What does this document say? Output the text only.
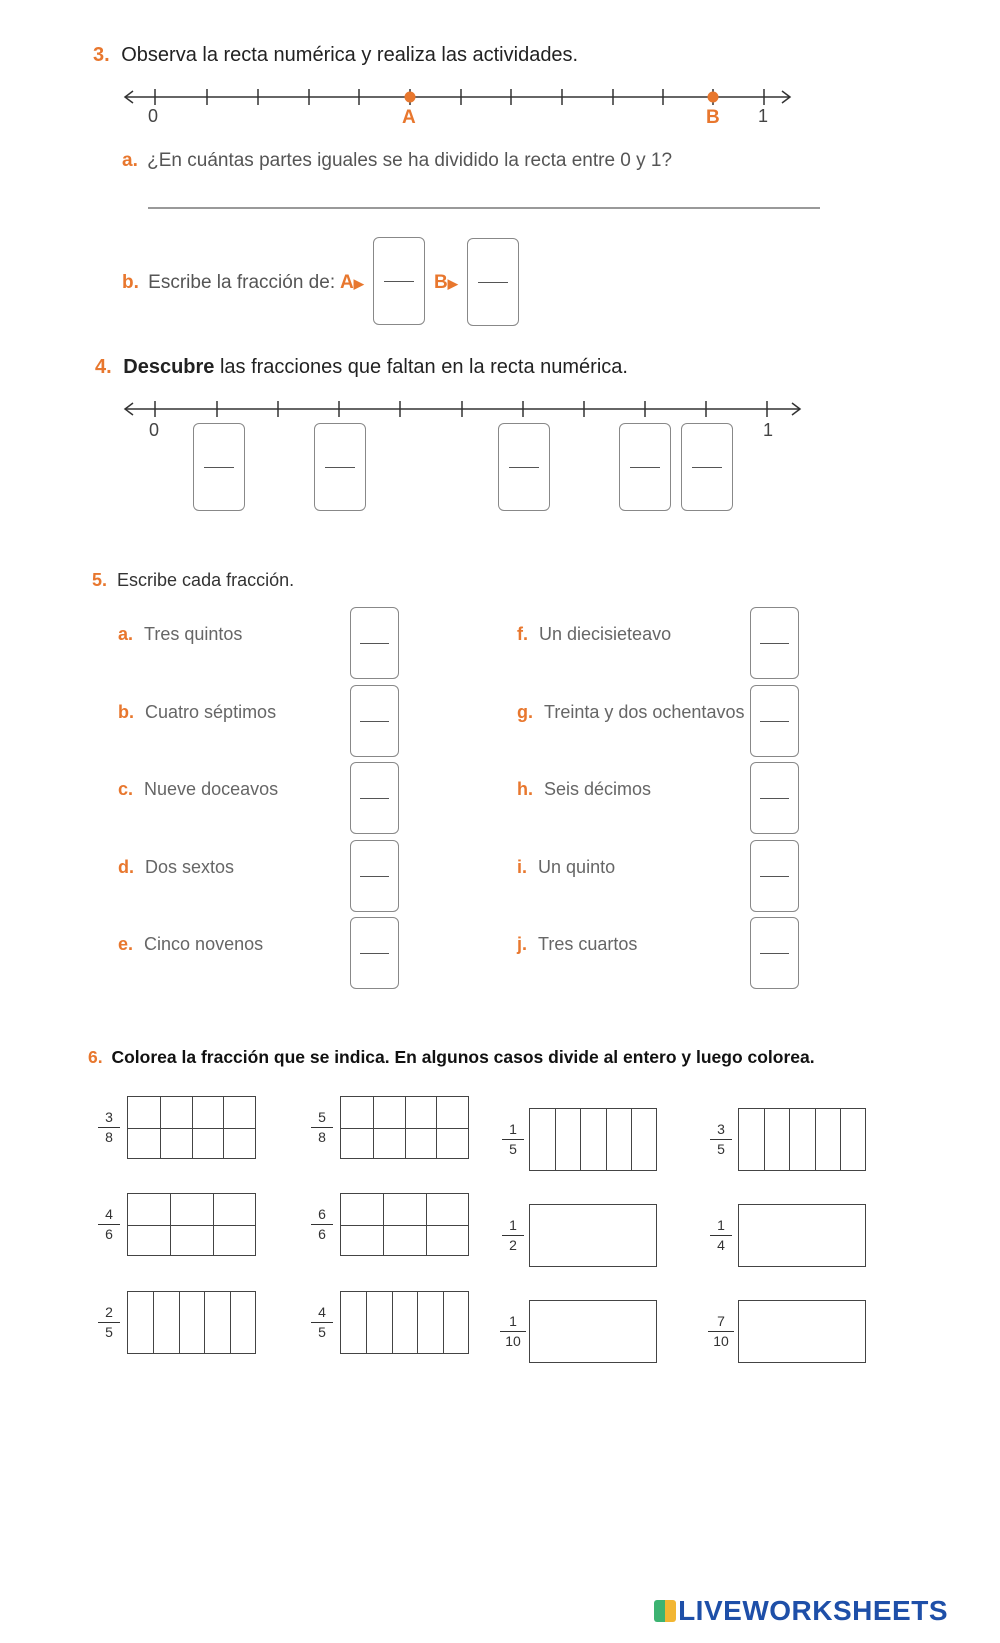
3. Observa la recta numérica y realiza las actividades.
0	A	B 1
a. ¿En cuántas partes iguales se ha dividido la recta entre 0 y 1?
b. Escribe la fracción de: A▶	B▶
4. Descubre las fracciones que faltan en la recta numérica.
0	1
5. Escribe cada fracción.
a. Tres quintos
b. Cuatro séptimos
c. Nueve doceavos
d. Dos sextos
e. Cinco novenos
f. Un diecisieteavo
g. Treinta y dos ochentavos
h. Seis décimos
i. Un quinto
j. Tres cuartos
6. Colorea la fracción que se indica. En algunos casos divide al entero y luego colorea.
3
8
5
8	1
5
3
5
4
6
6
6
1
2
1
4
2
5
4
5
1
10
7
10
LIVEWORKSHEETS
